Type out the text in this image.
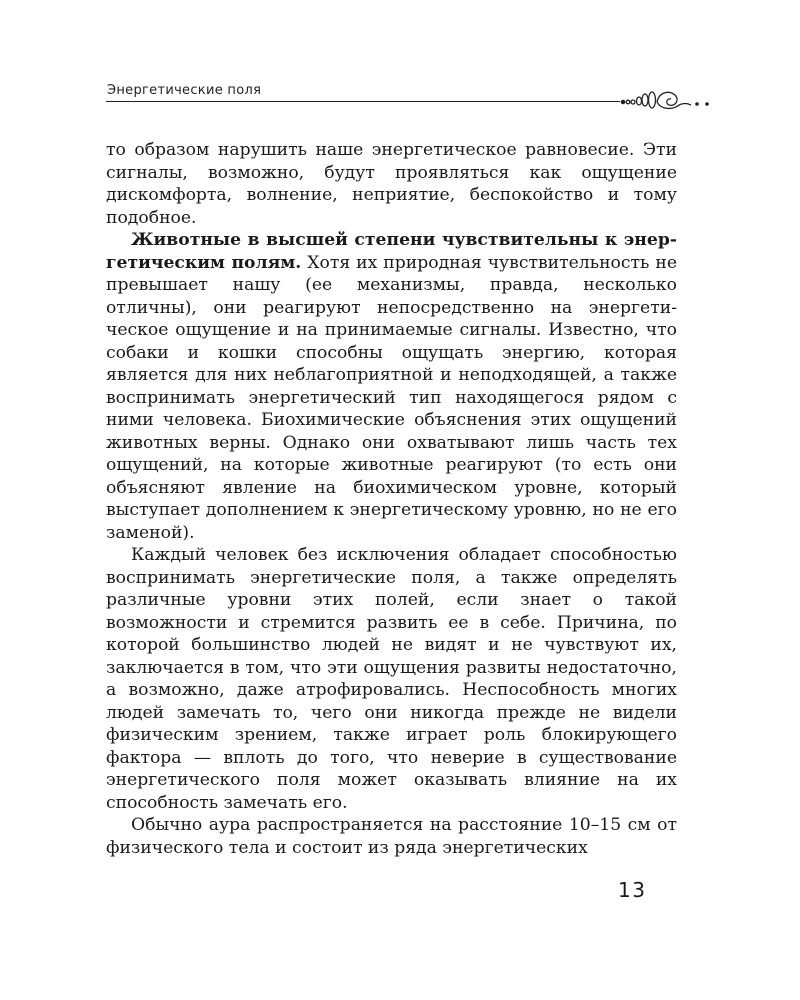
Энергетические поля

то образом нарушить наше энергетическое равновесие. Эти сигналы, возможно, будут проявляться как ощущение дискомфорта, волнение, неприятие, беспокойство и тому подобное.

Животные в высшей степени чувствительны к энергетическим полям. Хотя их природная чувствительность не превышает нашу (ее механизмы, правда, несколько отличны), они реагируют непосредственно на энергетическое ощущение и на принимаемые сигналы. Известно, что собаки и кошки способны ощущать энергию, которая является для них неблагоприятной и неподходящей, а также воспринимать энергетический тип находящегося рядом с ними человека. Биохимические объяснения этих ощущений животных верны. Однако они охватывают лишь часть тех ощущений, на которые животные реагируют (то есть они объясняют явление на биохимическом уровне, который выступает дополнением к энергетическому уровню, но не его заменой).

Каждый человек без исключения обладает способностью воспринимать энергетические поля, а также определять различные уровни этих полей, если знает о такой возможности и стремится развить ее в себе. Причина, по которой большинство людей не видят и не чувствуют их, заключается в том, что эти ощущения развиты недостаточно, а возможно, даже атрофировались. Неспособность многих людей замечать то, чего они никогда прежде не видели физическим зрением, также играет роль блокирующего фактора — вплоть до того, что неверие в существование энергетического поля может оказывать влияние на их способность замечать его.

Обычно аура распространяется на расстояние 10–15 см от физического тела и состоит из ряда энергетических

13
